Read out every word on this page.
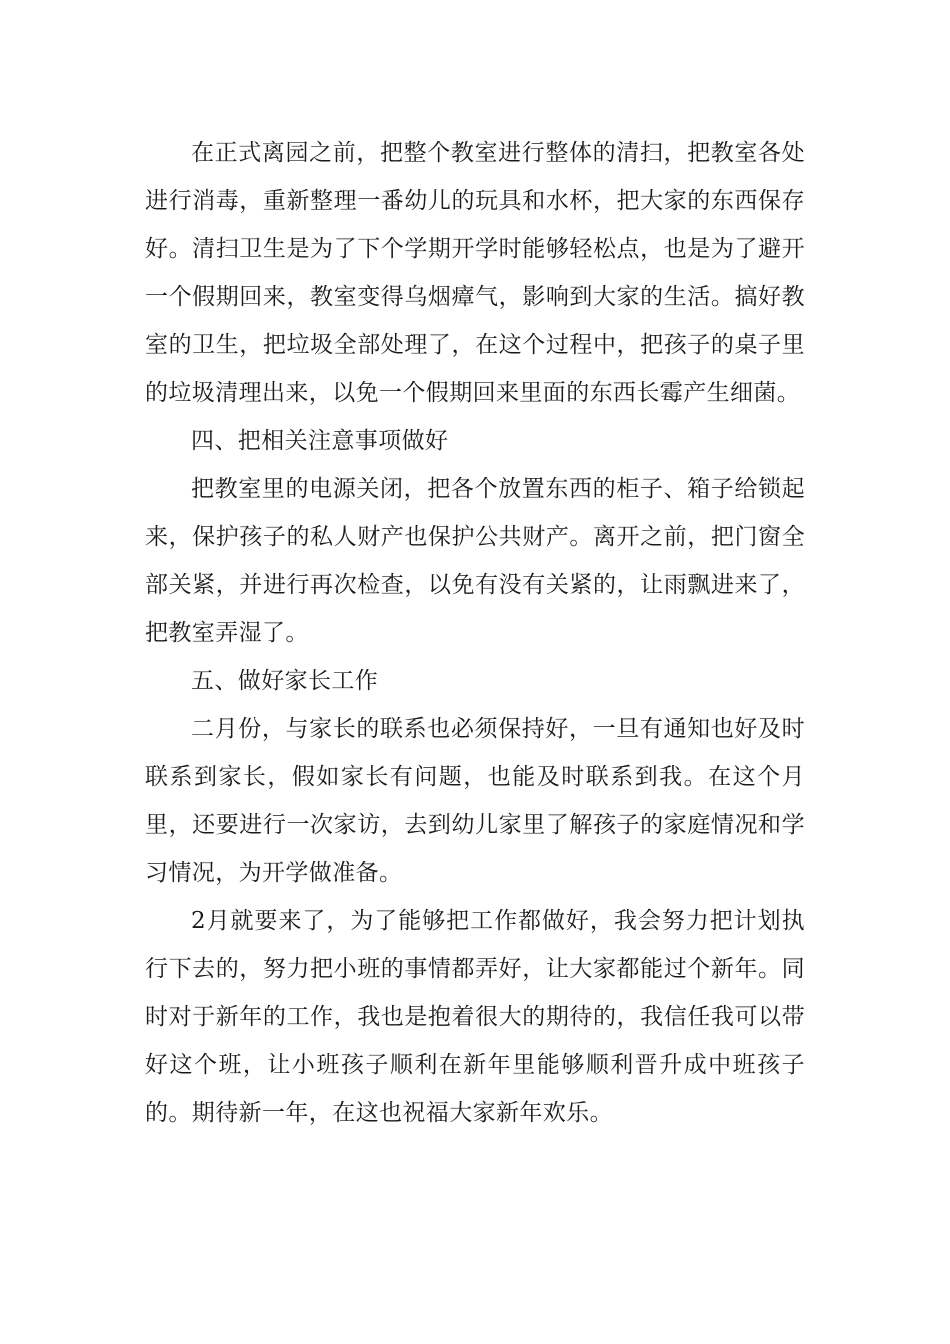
在正式离园之前，把整个教室进行整体的清扫，把教室各处进行消毒，重新整理一番幼儿的玩具和水杯，把大家的东西保存好。清扫卫生是为了下个学期开学时能够轻松点，也是为了避开一个假期回来，教室变得乌烟瘴气，影响到大家的生活。搞好教室的卫生，把垃圾全部处理了，在这个过程中，把孩子的桌子里的垃圾清理出来，以免一个假期回来里面的东西长霉产生细菌。

四、把相关注意事项做好

把教室里的电源关闭，把各个放置东西的柜子、箱子给锁起来，保护孩子的私人财产也保护公共财产。离开之前，把门窗全部关紧，并进行再次检查，以免有没有关紧的，让雨飘进来了，把教室弄湿了。

五、做好家长工作

二月份，与家长的联系也必须保持好，一旦有通知也好及时联系到家长，假如家长有问题，也能及时联系到我。在这个月里，还要进行一次家访，去到幼儿家里了解孩子的家庭情况和学习情况，为开学做准备。

2月就要来了，为了能够把工作都做好，我会努力把计划执行下去的，努力把小班的事情都弄好，让大家都能过个新年。同时对于新年的工作，我也是抱着很大的期待的，我信任我可以带好这个班，让小班孩子顺利在新年里能够顺利晋升成中班孩子的。期待新一年，在这也祝福大家新年欢乐。
